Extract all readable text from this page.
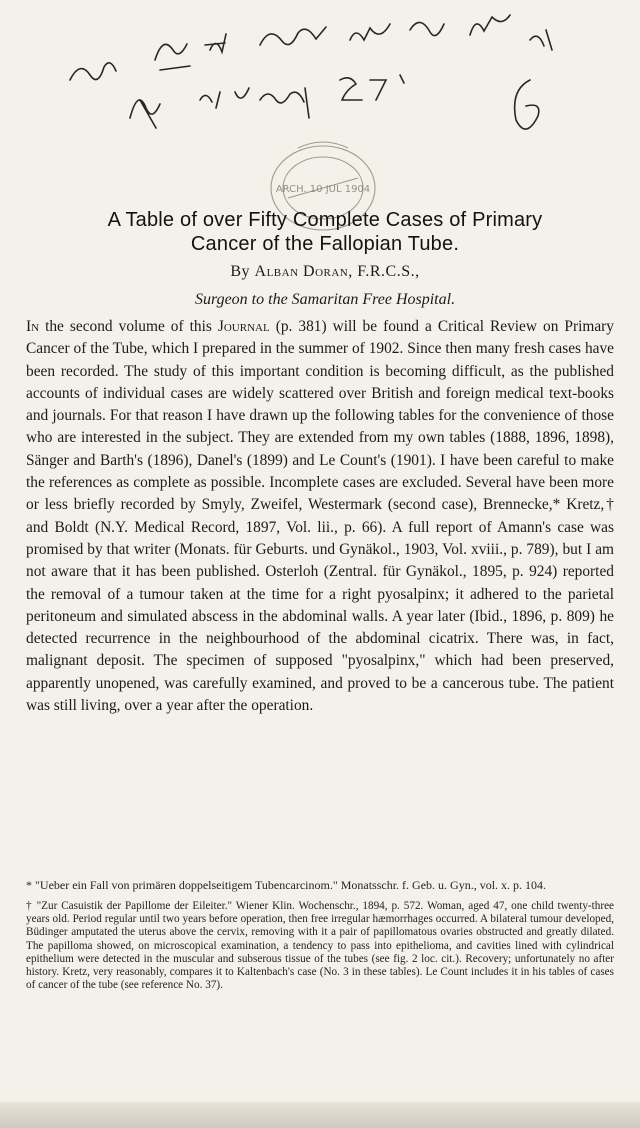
ARCH. 10 JUL 1904
A Table of over Fifty Complete Cases of Primary
Cancer of the Fallopian Tube.
By Alban Doran, F.R.C.S.,
Surgeon to the Samaritan Free Hospital.

In the second volume of this Journal (p. 381) will be found a Critical Review on Primary Cancer of the Tube, which I prepared in the summer of 1902. Since then many fresh cases have been recorded. The study of this important condition is becoming difficult, as the published accounts of individual cases are widely scattered over British and foreign medical text-books and journals. For that reason I have drawn up the following tables for the convenience of those who are interested in the subject. They are extended from my own tables (1888, 1896, 1898), Sänger and Barth's (1896), Danel's (1899) and Le Count's (1901). I have been careful to make the references as complete as possible. Incomplete cases are excluded. Several have been more or less briefly recorded by Smyly, Zweifel, Westermark (second case), Brennecke,* Kretz,† and Boldt (N.Y. Medical Record, 1897, Vol. lii., p. 66). A full report of Amann's case was promised by that writer (Monats. für Geburts. und Gynäkol., 1903, Vol. xviii., p. 789), but I am not aware that it has been published. Osterloh (Zentral. für Gynäkol., 1895, p. 924) reported the removal of a tumour taken at the time for a right pyosalpinx; it adhered to the parietal peritoneum and simulated abscess in the abdominal walls. A year later (Ibid., 1896, p. 809) he detected recurrence in the neighbourhood of the abdominal cicatrix. There was, in fact, malignant deposit. The specimen of supposed "pyosalpinx," which had been preserved, apparently unopened, was carefully examined, and proved to be a cancerous tube. The patient was still living, over a year after the operation.

* "Ueber ein Fall von primären doppelseitigem Tubencarcinom." Monatsschr. f. Geb. u. Gyn., vol. x. p. 104.

† "Zur Casuistik der Papillome der Eileiter." Wiener Klin. Wochenschr., 1894, p. 572. Woman, aged 47, one child twenty-three years old. Period regular until two years before operation, then free irregular hæmorrhages occurred. A bilateral tumour developed, Büdinger amputated the uterus above the cervix, removing with it a pair of papillomatous ovaries obstructed and greatly dilated. The papilloma showed, on microscopical examination, a tendency to pass into epithelioma, and cavities lined with cylindrical epithelium were detected in the muscular and subserous tissue of the tubes (see fig. 2 loc. cit.). Recovery; unfortunately no after history. Kretz, very reasonably, compares it to Kaltenbach's case (No. 3 in these tables). Le Count includes it in his tables of cases of cancer of the tube (see reference No. 37).
